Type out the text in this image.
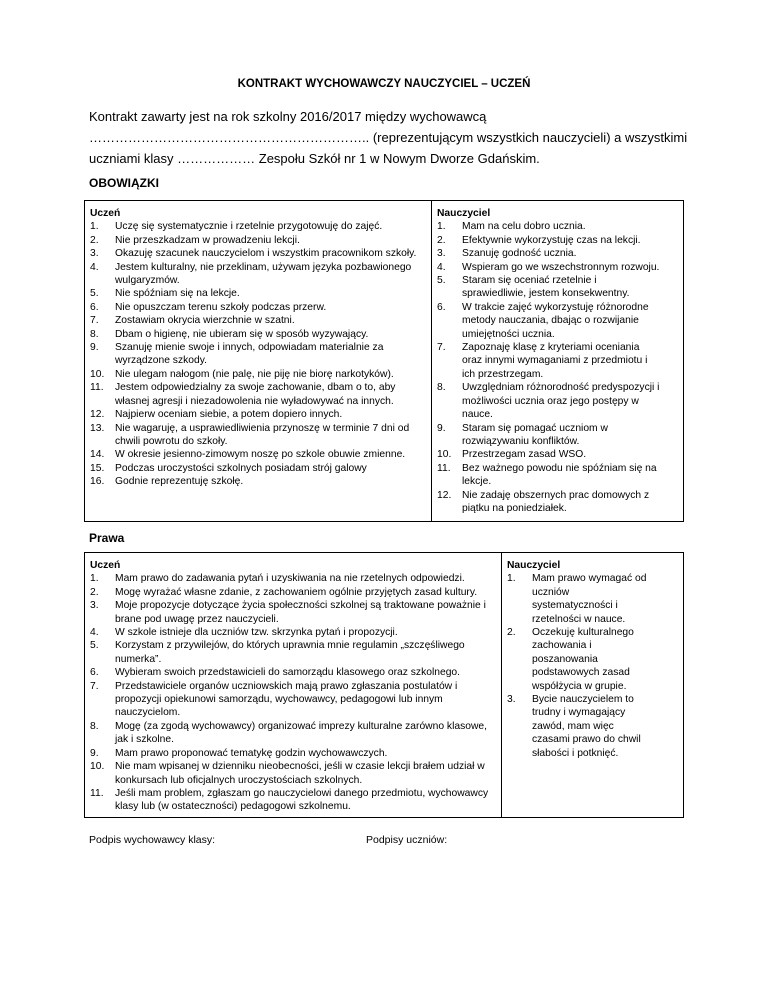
KONTRAKT WYCHOWAWCZY NAUCZYCIEL – UCZEŃ
Kontrakt zawarty jest na rok szkolny 2016/2017 między wychowawcą ……………………………………………………….. (reprezentującym wszystkich nauczycieli) a wszystkimi uczniami klasy ……………… Zespołu Szkół nr 1 w Nowym Dworze Gdańskim.
OBOWIĄZKI
Uczeń
1. Uczę się systematycznie i rzetelnie przygotowuję do zajęć.
2. Nie przeszkadzam w prowadzeniu lekcji.
3. Okazuję szacunek nauczycielom i wszystkim pracownikom szkoły.
4. Jestem kulturalny, nie przeklinam, używam języka pozbawionego wulgaryzmów.
5. Nie spóźniam się na lekcje.
6. Nie opuszczam terenu szkoły podczas przerw.
7. Zostawiam okrycia wierzchnie w szatni.
8. Dbam o higienę, nie ubieram się w sposób wyzywający.
9. Szanuję mienie swoje i innych, odpowiadam materialnie za wyrządzone szkody.
10. Nie ulegam nałogom (nie palę, nie piję nie biorę narkotyków).
11. Jestem odpowiedzialny za swoje zachowanie, dbam o to, aby własnej agresji i niezadowolenia nie wyładowywać na innych.
12. Najpierw oceniam siebie, a potem dopiero innych.
13. Nie wagaruję, a usprawiedliwienia przynoszę w terminie 7 dni od chwili powrotu do szkoły.
14. W okresie jesienno-zimowym noszę po szkole obuwie zmienne.
15. Podczas uroczystości szkolnych posiadam strój galowy
16. Godnie reprezentuję szkołę.
Nauczyciel
1. Mam na celu dobro ucznia.
2. Efektywnie wykorzystuję czas na lekcji.
3. Szanuję godność ucznia.
4. Wspieram go we wszechstronnym rozwoju.
5. Staram się oceniać rzetelnie i sprawiedliwie, jestem konsekwentny.
6. W trakcie zajęć wykorzystuję różnorodne metody nauczania, dbając o rozwijanie umiejętności ucznia.
7. Zapoznaję klasę z kryteriami oceniania oraz innymi wymaganiami z przedmiotu i ich przestrzegam.
8. Uwzględniam różnorodność predyspozycji i możliwości ucznia oraz jego postępy w nauce.
9. Staram się pomagać uczniom w rozwiązywaniu konfliktów.
10. Przestrzegam zasad WSO.
11. Bez ważnego powodu nie spóźniam się na lekcje.
12. Nie zadaję obszernych prac domowych z piątku na poniedziałek.
Prawa
Uczeń
1. Mam prawo do zadawania pytań i uzyskiwania na nie rzetelnych odpowiedzi.
2. Mogę wyrażać własne zdanie, z zachowaniem ogólnie przyjętych zasad kultury.
3. Moje propozycje dotyczące życia społeczności szkolnej są traktowane poważnie i brane pod uwagę przez nauczycieli.
4. W szkole istnieje dla uczniów tzw. skrzynka pytań i propozycji.
5. Korzystam z przywilejów, do których uprawnia mnie regulamin „szczęśliwego numerka”.
6. Wybieram swoich przedstawicieli do samorządu klasowego oraz szkolnego.
7. Przedstawiciele organów uczniowskich mają prawo zgłaszania postulatów i propozycji opiekunowi samorządu, wychowawcy, pedagogowi lub innym nauczycielom.
8. Mogę (za zgodą wychowawcy) organizować imprezy kulturalne zarówno klasowe, jak i szkolne.
9. Mam prawo proponować tematykę godzin wychowawczych.
10. Nie mam wpisanej w dzienniku nieobecności, jeśli w czasie lekcji brałem udział w konkursach lub oficjalnych uroczystościach szkolnych.
11. Jeśli mam problem, zgłaszam go nauczycielowi danego przedmiotu, wychowawcy klasy lub (w ostateczności) pedagogowi szkolnemu.
Nauczyciel
1. Mam prawo wymagać od uczniów systematyczności i rzetelności w nauce.
2. Oczekuję kulturalnego zachowania i poszanowania podstawowych zasad współżycia w grupie.
3. Bycie nauczycielem to trudny i wymagający zawód, mam więc czasami prawo do chwil słabości i potknięć.
Podpis wychowawcy klasy:	Podpisy uczniów:
